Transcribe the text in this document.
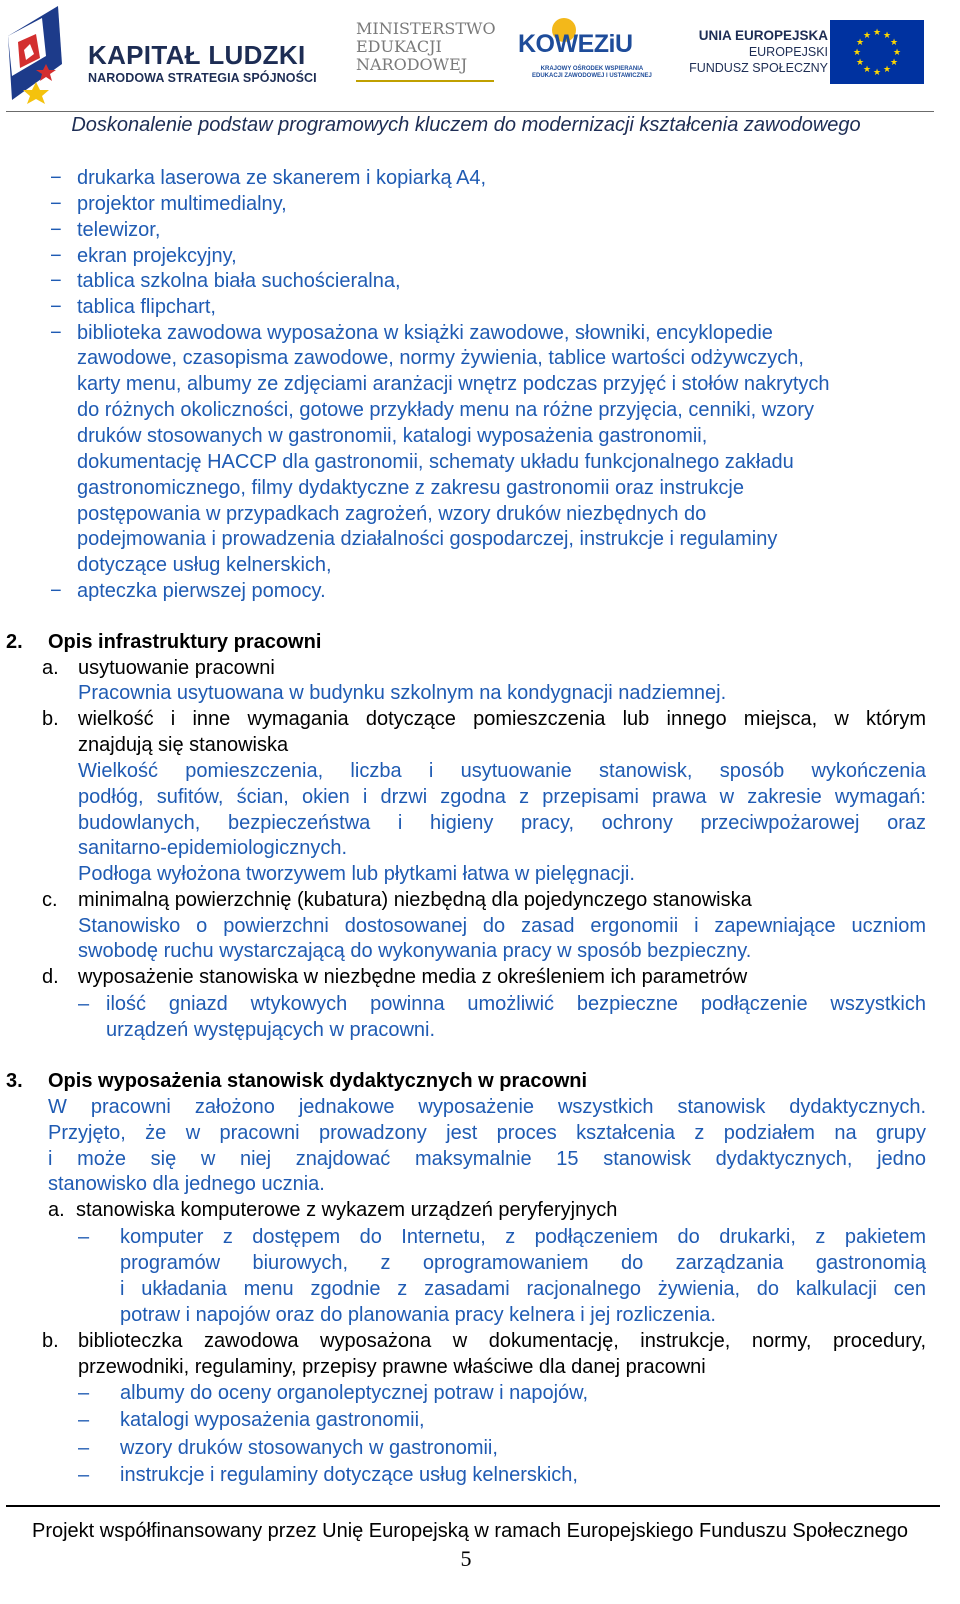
KAPITAŁ LUDZKI
NARODOWA STRATEGIA SPÓJNOŚCI
MINISTERSTWO
EDUKACJI
NARODOWEJ
KOWEZiU
KRAJOWY OŚRODEK WSPIERANIA
EDUKACJI ZAWODOWEJ I USTAWICZNEJ
UNIA EUROPEJSKA
EUROPEJSKI
FUNDUSZ SPOŁECZNY
★ ★
★
★
★
★
★
★
★
★
★
★
Doskonalenie podstaw programowych kluczem do modernizacji kształcenia zawodowego
− drukarka laserowa ze skanerem i kopiarką A4,
− projektor multimedialny,
− telewizor,
− ekran projekcyjny,
− tablica szkolna biała suchościeralna,
− tablica flipchart,
− biblioteka zawodowa wyposażona w książki zawodowe, słowniki, encyklopedie
zawodowe, czasopisma zawodowe, normy żywienia, tablice wartości odżywczych,
karty menu, albumy ze zdjęciami aranżacji wnętrz podczas przyjęć i stołów nakrytych
do różnych okoliczności, gotowe przykłady menu na różne przyjęcia, cenniki, wzory
druków stosowanych w gastronomii, katalogi wyposażenia gastronomii,
dokumentację HACCP dla gastronomii, schematy układu funkcjonalnego zakładu
gastronomicznego, filmy dydaktyczne z zakresu gastronomii oraz instrukcje
postępowania w przypadkach zagrożeń, wzory druków niezbędnych do
podejmowania i prowadzenia działalności gospodarczej, instrukcje i regulaminy
dotyczące usług kelnerskich,
− apteczka pierwszej pomocy.
2. Opis infrastruktury pracowni
a. usytuowanie pracowni
Pracownia usytuowana w budynku szkolnym na kondygnacji nadziemnej.
b. wielkość i inne wymagania dotyczące pomieszczenia lub innego miejsca, w którym
znajdują się stanowiska
Wielkość pomieszczenia, liczba i usytuowanie stanowisk, sposób wykończenia
podłóg, sufitów, ścian, okien i drzwi zgodna z przepisami prawa w zakresie wymagań:
budowlanych, bezpieczeństwa i higieny pracy, ochrony przeciwpożarowej oraz
sanitarno-epidemiologicznych.
Podłoga wyłożona tworzywem lub płytkami łatwa w pielęgnacji.
c. minimalną powierzchnię (kubatura) niezbędną dla pojedynczego stanowiska
Stanowisko o powierzchni dostosowanej do zasad ergonomii i zapewniające uczniom
swobodę ruchu wystarczającą do wykonywania pracy w sposób bezpieczny.
d. wyposażenie stanowiska w niezbędne media z określeniem ich parametrów
– ilość gniazd wtykowych powinna umożliwić bezpieczne podłączenie wszystkich
urządzeń występujących w pracowni.
3. Opis wyposażenia stanowisk dydaktycznych w pracowni
W pracowni założono jednakowe wyposażenie wszystkich stanowisk dydaktycznych.
Przyjęto, że w pracowni prowadzony jest proces kształcenia z podziałem na grupy
i może się w niej znajdować maksymalnie 15 stanowisk dydaktycznych, jedno
stanowisko dla jednego ucznia.
a. stanowiska komputerowe z wykazem urządzeń peryferyjnych
– komputer z dostępem do Internetu, z podłączeniem do drukarki, z pakietem
programów biurowych, z oprogramowaniem do zarządzania gastronomią
i układania menu zgodnie z zasadami racjonalnego żywienia, do kalkulacji cen
potraw i napojów oraz do planowania pracy kelnera i jej rozliczenia.
b. biblioteczka zawodowa wyposażona w dokumentację, instrukcje, normy, procedury,
przewodniki, regulaminy, przepisy prawne właściwe dla danej pracowni
– albumy do oceny organoleptycznej potraw i napojów,
– katalogi wyposażenia gastronomii,
– wzory druków stosowanych w gastronomii,
– instrukcje i regulaminy dotyczące usług kelnerskich,
Projekt współfinansowany przez Unię Europejską w ramach Europejskiego Funduszu Społecznego
5
